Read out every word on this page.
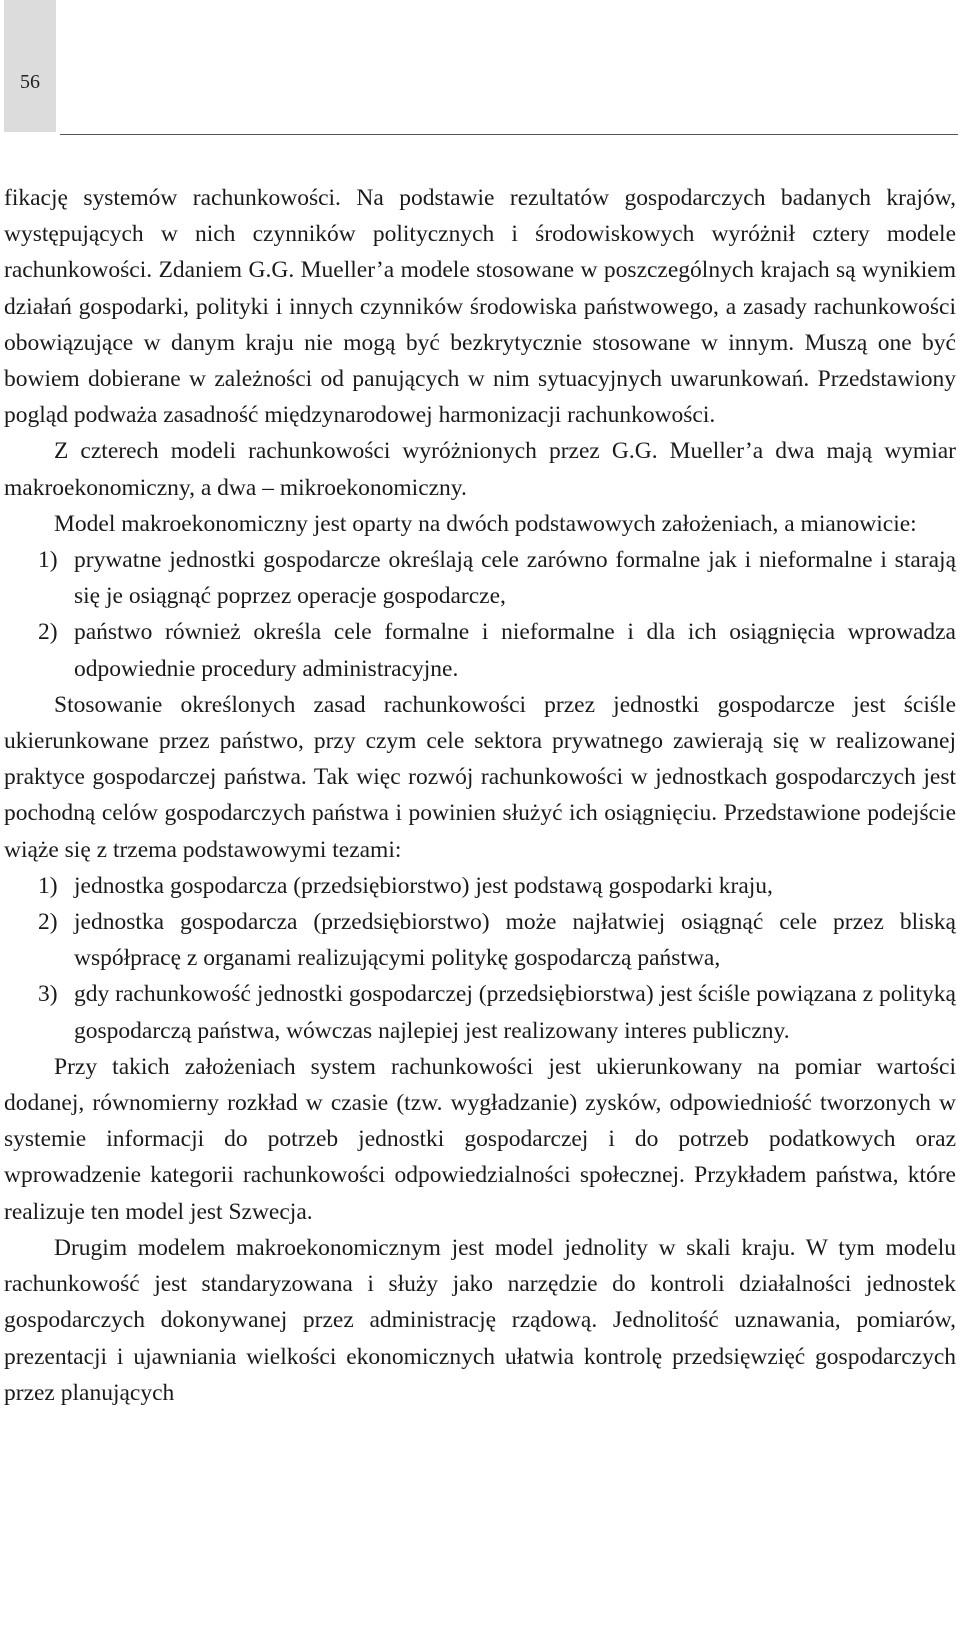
56

fikację systemów rachunkowości. Na podstawie rezultatów gospodarczych badanych krajów, występujących w nich czynników politycznych i środowiskowych wyróżnił cztery modele rachunkowości. Zdaniem G.G. Mueller’a modele stosowane w poszczególnych krajach są wynikiem działań gospodarki, polityki i innych czynników środowiska państwowego, a zasady rachunkowości obowiązujące w danym kraju nie mogą być bezkrytycznie stosowane w innym. Muszą one być bowiem dobierane w zależności od panujących w nim sytuacyjnych uwarunkowań. Przedstawiony pogląd podważa zasadność międzynarodowej harmonizacji rachunkowości.

Z czterech modeli rachunkowości wyróżnionych przez G.G. Mueller’a dwa mają wymiar makroekonomiczny, a dwa – mikroekonomiczny.

Model makroekonomiczny jest oparty na dwóch podstawowych założeniach, a mianowicie:

1) prywatne jednostki gospodarcze określają cele zarówno formalne jak i nieformalne i starają się je osiągnąć poprzez operacje gospodarcze,
2) państwo również określa cele formalne i nieformalne i dla ich osiągnięcia wprowadza odpowiednie procedury administracyjne.

Stosowanie określonych zasad rachunkowości przez jednostki gospodarcze jest ściśle ukierunkowane przez państwo, przy czym cele sektora prywatnego zawierają się w realizowanej praktyce gospodarczej państwa. Tak więc rozwój rachunkowości w jednostkach gospodarczych jest pochodną celów gospodarczych państwa i powinien służyć ich osiągnięciu. Przedstawione podejście wiąże się z trzema podstawowymi tezami:

1) jednostka gospodarcza (przedsiębiorstwo) jest podstawą gospodarki kraju,
2) jednostka gospodarcza (przedsiębiorstwo) może najłatwiej osiągnąć cele przez bliską współpracę z organami realizującymi politykę gospodarczą państwa,
3) gdy rachunkowość jednostki gospodarczej (przedsiębiorstwa) jest ściśle powiązana z polityką gospodarczą państwa, wówczas najlepiej jest realizowany interes publiczny.

Przy takich założeniach system rachunkowości jest ukierunkowany na pomiar wartości dodanej, równomierny rozkład w czasie (tzw. wygładzanie) zysków, odpowiedniość tworzonych w systemie informacji do potrzeb jednostki gospodarczej i do potrzeb podatkowych oraz wprowadzenie kategorii rachunkowości odpowiedzialności społecznej. Przykładem państwa, które realizuje ten model jest Szwecja.

Drugim modelem makroekonomicznym jest model jednolity w skali kraju. W tym modelu rachunkowość jest standaryzowana i służy jako narzędzie do kontroli działalności jednostek gospodarczych dokonywanej przez administrację rządową. Jednolitość uznawania, pomiarów, prezentacji i ujawniania wielkości ekonomicznych ułatwia kontrolę przedsięwzięć gospodarczych przez planujących
